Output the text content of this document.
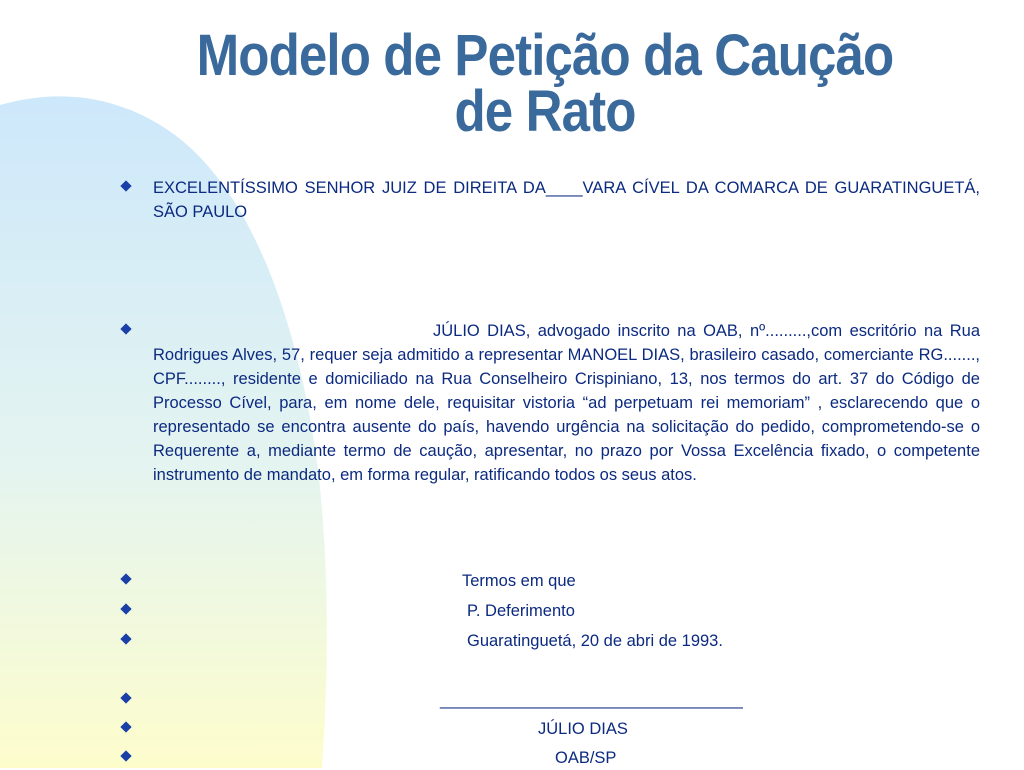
Modelo de Petição da Caução
de Rato
EXCELENTÍSSIMO SENHOR JUIZ DE DIREITA DA____VARA CÍVEL DA COMARCA DE GUARATINGUETÁ, SÃO PAULO
JÚLIO DIAS, advogado inscrito na OAB, nº.........,com escritório na Rua Rodrigues Alves, 57, requer seja admitido a representar MANOEL DIAS, brasileiro casado, comerciante RG......., CPF........, residente e domiciliado na Rua Conselheiro Crispiniano, 13, nos termos do art. 37 do Código de Processo Cível, para, em nome dele, requisitar vistoria “ad perpetuam rei memoriam” , esclarecendo que o representado se encontra ausente do país, havendo urgência na solicitação do pedido, comprometendo-se o Requerente a, mediante termo de caução, apresentar, no prazo por Vossa Excelência fixado, o competente instrumento de mandato, em forma regular, ratificando todos os seus atos.
Termos em que
P. Deferimento
Guaratinguetá, 20 de abri de 1993.
_________________________________
JÚLIO DIAS
OAB/SP
